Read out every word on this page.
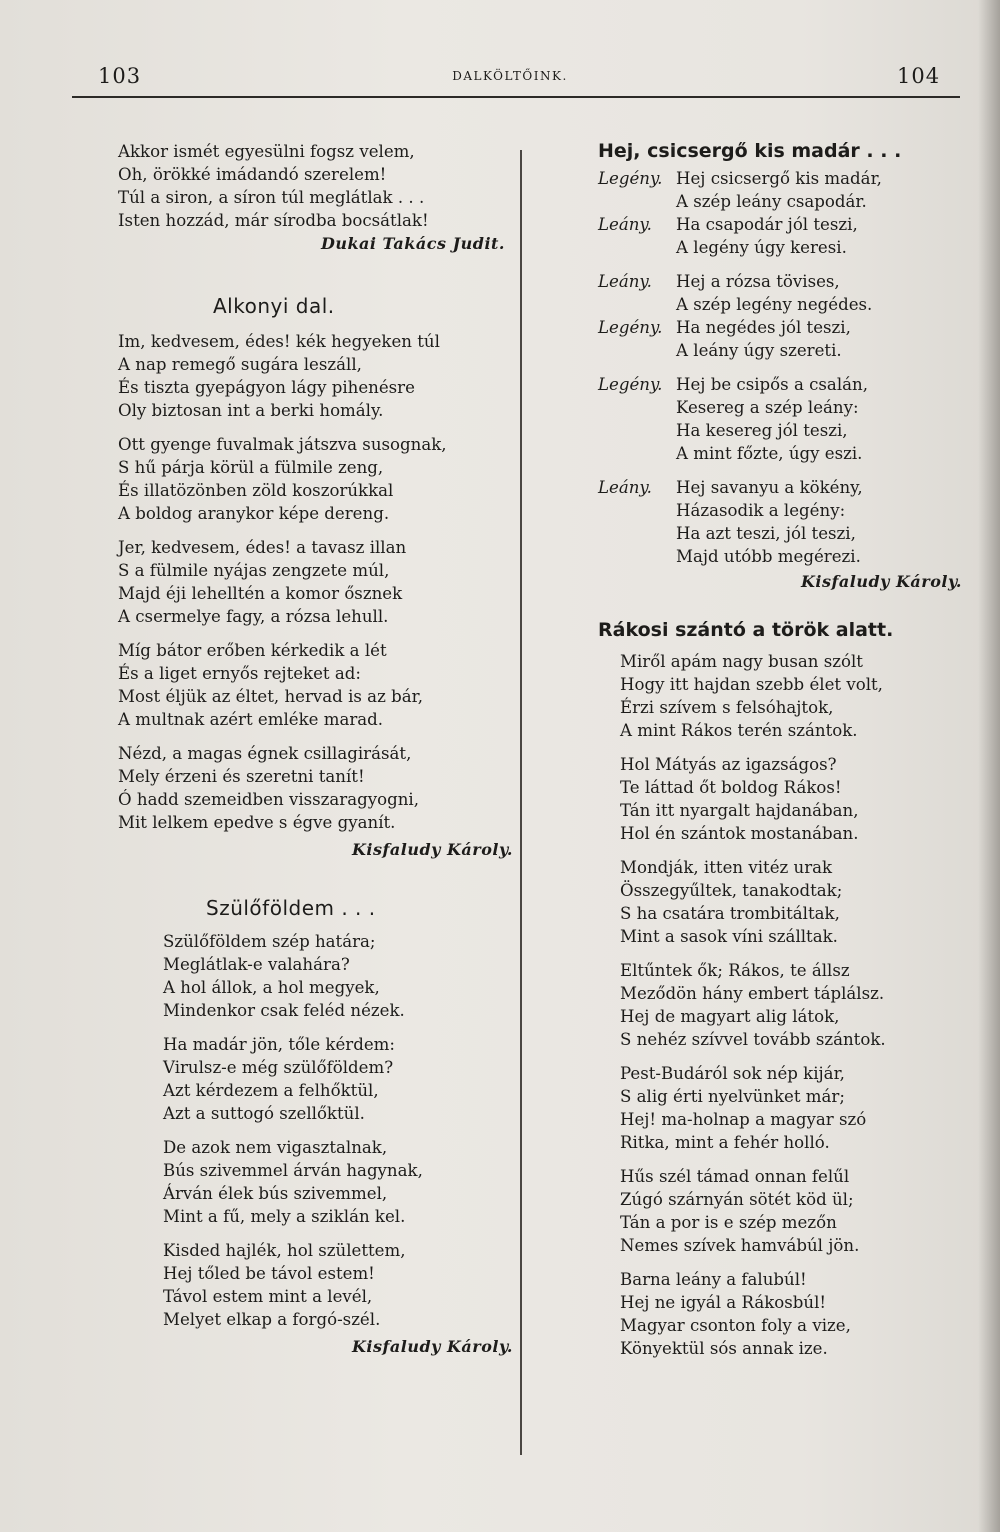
103	DALKÖLTŐINK.	104
Akkor ismét egyesülni fogsz velem,
Oh, örökké imádandó szerelem!
Túl a siron, a síron túl meglátlak . . .
Isten hozzád, már sírodba bocsátlak!
Dukai Takács Judit.
Alkonyi dal.
Im, kedvesem, édes! kék hegyeken túl
A nap remegő sugára leszáll,
És tiszta gyepágyon lágy pihenésre
Oly biztosan int a berki homály.
Ott gyenge fuvalmak játszva susognak,
S hű párja körül a fülmile zeng,
És illatözönben zöld koszorúkkal
A boldog aranykor képe dereng.
Jer, kedvesem, édes! a tavasz illan
S a fülmile nyájas zengzete múl,
Majd éji lehelltén a komor ősznek
A csermelye fagy, a rózsa lehull.
Míg bátor erőben kérkedik a lét
És a liget ernyős rejteket ad:
Most éljük az éltet, hervad is az bár,
A multnak azért emléke marad.
Nézd, a magas égnek csillagirását,
Mely érzeni és szeretni tanít!
Ó hadd szemeidben visszaragyogni,
Mit lelkem epedve s égve gyanít.
Kisfaludy Károly.
Szülőföldem . . .
Szülőföldem szép határa;
Meglátlak-e valahára?
A hol állok, a hol megyek,
Mindenkor csak feléd nézek.
Ha madár jön, tőle kérdem:
Virulsz-e még szülőföldem?
Azt kérdezem a felhőktül,
Azt a suttogó szellőktül.
De azok nem vigasztalnak,
Bús szivemmel árván hagynak,
Árván élek bús szivemmel,
Mint a fű, mely a sziklán kel.
Kisded hajlék, hol születtem,
Hej tőled be távol estem!
Távol estem mint a levél,
Melyet elkap a forgó-szél.
Kisfaludy Károly.
Hej, csicsergő kis madár . . .
Legény. Hej csicsergő kis madár,
A szép leány csapodár.
Leány.	Ha csapodár jól teszi,
A legény úgy keresi.
Leány.	Hej a rózsa tövises,
A szép legény negédes.
Legény. Ha negédes jól teszi,
A leány úgy szereti.
Legény. Hej be csipős a csalán,
Kesereg a szép leány:
Ha kesereg jól teszi,
A mint főzte, úgy eszi.
Leány.	Hej savanyu a kökény,
Házasodik a legény:
Ha azt teszi, jól teszi,
Majd utóbb megérezi.
Kisfaludy Károly.
Rákosi szántó a török alatt.
Miről apám nagy busan szólt
Hogy itt hajdan szebb élet volt,
Érzi szívem s felsóhajtok,
A mint Rákos terén szántok.
Hol Mátyás az igazságos?
Te láttad őt boldog Rákos!
Tán itt nyargalt hajdanában,
Hol én szántok mostanában.
Mondják, itten vitéz urak
Összegyűltek, tanakodtak;
S ha csatára trombitáltak,
Mint a sasok víni szálltak.
Eltűntek ők; Rákos, te állsz
Meződön hány embert táplálsz.
Hej de magyart alig látok,
S nehéz szívvel tovább szántok.
Pest-Budáról sok nép kijár,
S alig érti nyelvünket már;
Hej! ma-holnap a magyar szó
Ritka, mint a fehér holló.
Hűs szél támad onnan felűl
Zúgó szárnyán sötét köd ül;
Tán a por is e szép mezőn
Nemes szívek hamvábúl jön.
Barna leány a falubúl!
Hej ne igyál a Rákosbúl!
Magyar csonton foly a vize,
Könyektül sós annak ize.
